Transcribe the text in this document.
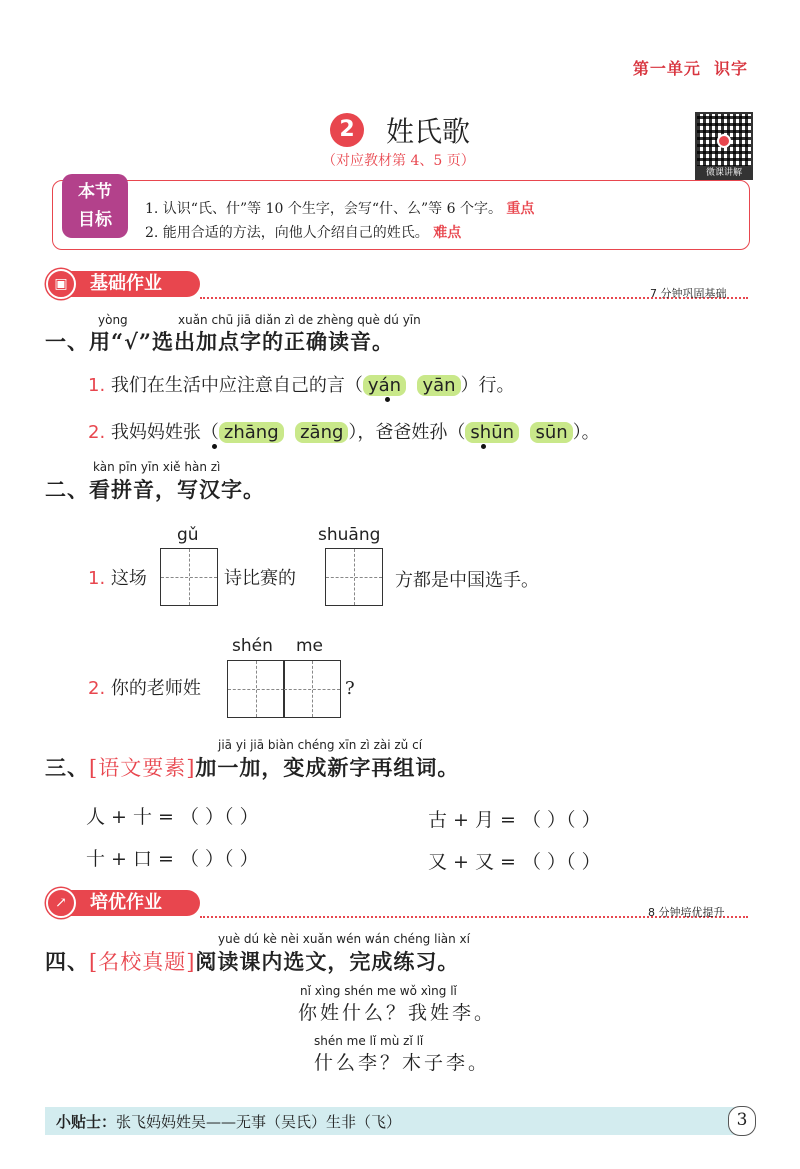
第一单元 识字
2	姓氏歌
（对应教材第 4、5 页）
微课讲解
本节
目标
1. 认识“氏、什”等 10 个生字，会写“什、么”等 6 个字。 重点
2. 能用合适的方法，向他人介绍自己的姓氏。 难点
基础作业
▣
7 分钟巩固基础
yòng	xuǎn chū jiā diǎn zì de zhèng què dú yīn
一、用“√”选出加点字的正确读音。
1. 我们在生活中应注意自己的言（ yán yān ）行。
2. 我妈妈姓张（ zhāng zāng ），爸爸姓孙（ shūn sūn ）。
kàn pīn yīn xiě hàn zì
二、看拼音，写汉字。
gǔ	shuāng
1. 这场	诗比赛的	方都是中国选手。
shén me
2. 你的老师姓	?
jiā yi jiā biàn chéng xīn zì zài zǔ cí
三、[语文要素]加一加，变成新字再组词。
人 + 十 = （ ）（ ）	古 + 月 = （ ）（ ）
十 + 口 = （ ）（ ）	又 + 又 = （ ）（ ）
培优作业
↗
8 分钟培优提升
yuè dú kè nèi xuǎn wén wán chéng liàn xí
四、[名校真题]阅读课内选文，完成练习。
nǐ xìng shén me wǒ xìng lǐ
你姓什么？我姓李。
shén me lǐ mù zǐ lǐ
什么李？木子李。
小贴士：张飞妈妈姓吴——无事（吴氏）生非（飞）	3
